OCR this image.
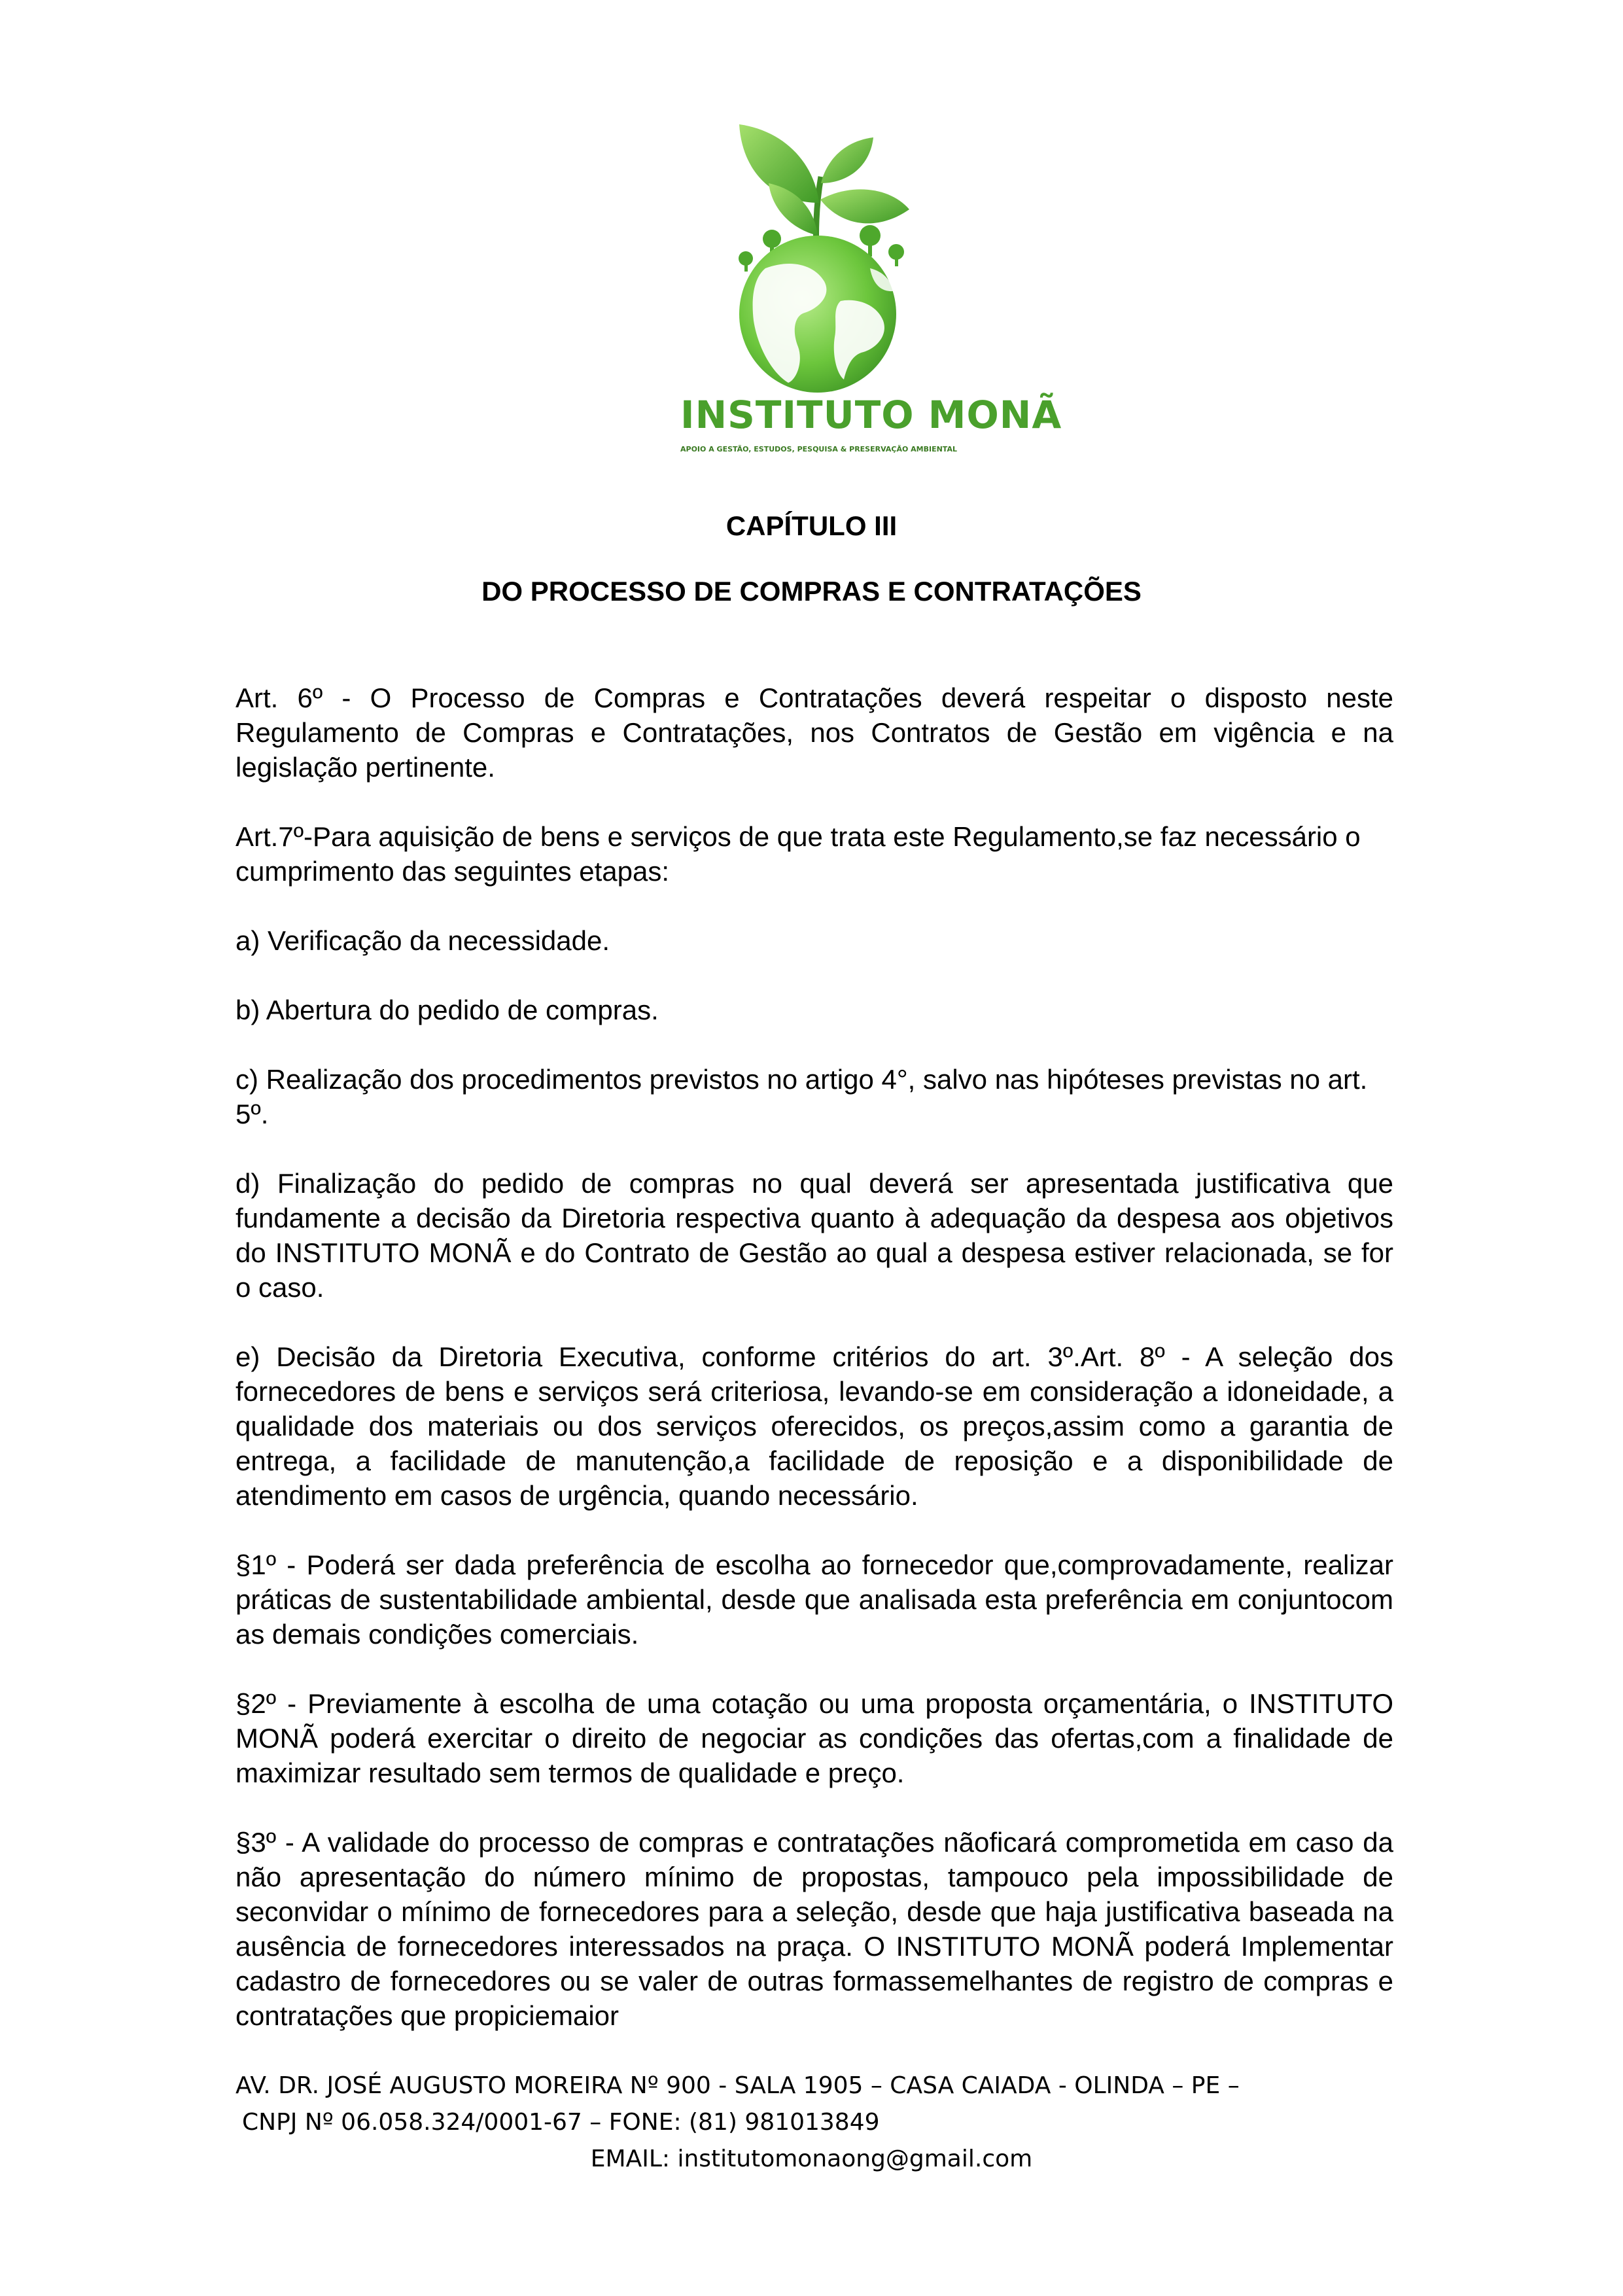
INSTITUTO MONÃ
APOIO A GESTÃO, ESTUDOS, PESQUISA & PRESERVAÇÃO AMBIENTAL
CAPÍTULO III
DO PROCESSO DE COMPRAS E CONTRATAÇÕES

Art. 6º - O Processo de Compras e Contratações deverá respeitar o disposto neste Regulamento de Compras e Contratações, nos Contratos de Gestão em vigência e na legislação pertinente.

Art.7º-Para aquisição de bens e serviços de que trata este Regulamento,se faz necessário o cumprimento das seguintes etapas:

a) Verificação da necessidade.

b) Abertura do pedido de compras.

c) Realização dos procedimentos previstos no artigo 4°, salvo nas hipóteses previstas no art. 5º.

d) Finalização do pedido de compras no qual deverá ser apresentada justificativa que fundamente a decisão da Diretoria respectiva quanto à adequação da despesa aos objetivos do INSTITUTO MONÃ e do Contrato de Gestão ao qual a despesa estiver relacionada, se for o caso.

e) Decisão da Diretoria Executiva, conforme critérios do art. 3º.Art. 8º - A seleção dos fornecedores de bens e serviços será criteriosa, levando-se em consideração a idoneidade, a qualidade dos materiais ou dos serviços oferecidos, os preços,assim como a garantia de entrega, a facilidade de manutenção,a facilidade de reposição e a disponibilidade de atendimento em casos de urgência, quando necessário.

§1º - Poderá ser dada preferência de escolha ao fornecedor que,comprovadamente, realizar práticas de sustentabilidade ambiental, desde que analisada esta preferência em conjuntocom as demais condições comerciais.

§2º - Previamente à escolha de uma cotação ou uma proposta orçamentária, o INSTITUTO MONÃ poderá exercitar o direito de negociar as condições das ofertas,com a finalidade de maximizar resultado sem termos de qualidade e preço.

§3º - A validade do processo de compras e contratações nãoficará comprometida em caso da não apresentação do número mínimo de propostas, tampouco pela impossibilidade de seconvidar o mínimo de fornecedores para a seleção, desde que haja justificativa baseada na ausência de fornecedores interessados na praça. O INSTITUTO MONÃ poderá Implementar cadastro de fornecedores ou se valer de outras formassemelhantes de registro de compras e contratações que propiciemaior

AV. DR. JOSÉ AUGUSTO MOREIRA Nº 900 - SALA 1905 – CASA CAIADA - OLINDA – PE –
CNPJ Nº 06.058.324/0001-67 – FONE: (81) 981013849
EMAIL: institutomonaong@gmail.com
